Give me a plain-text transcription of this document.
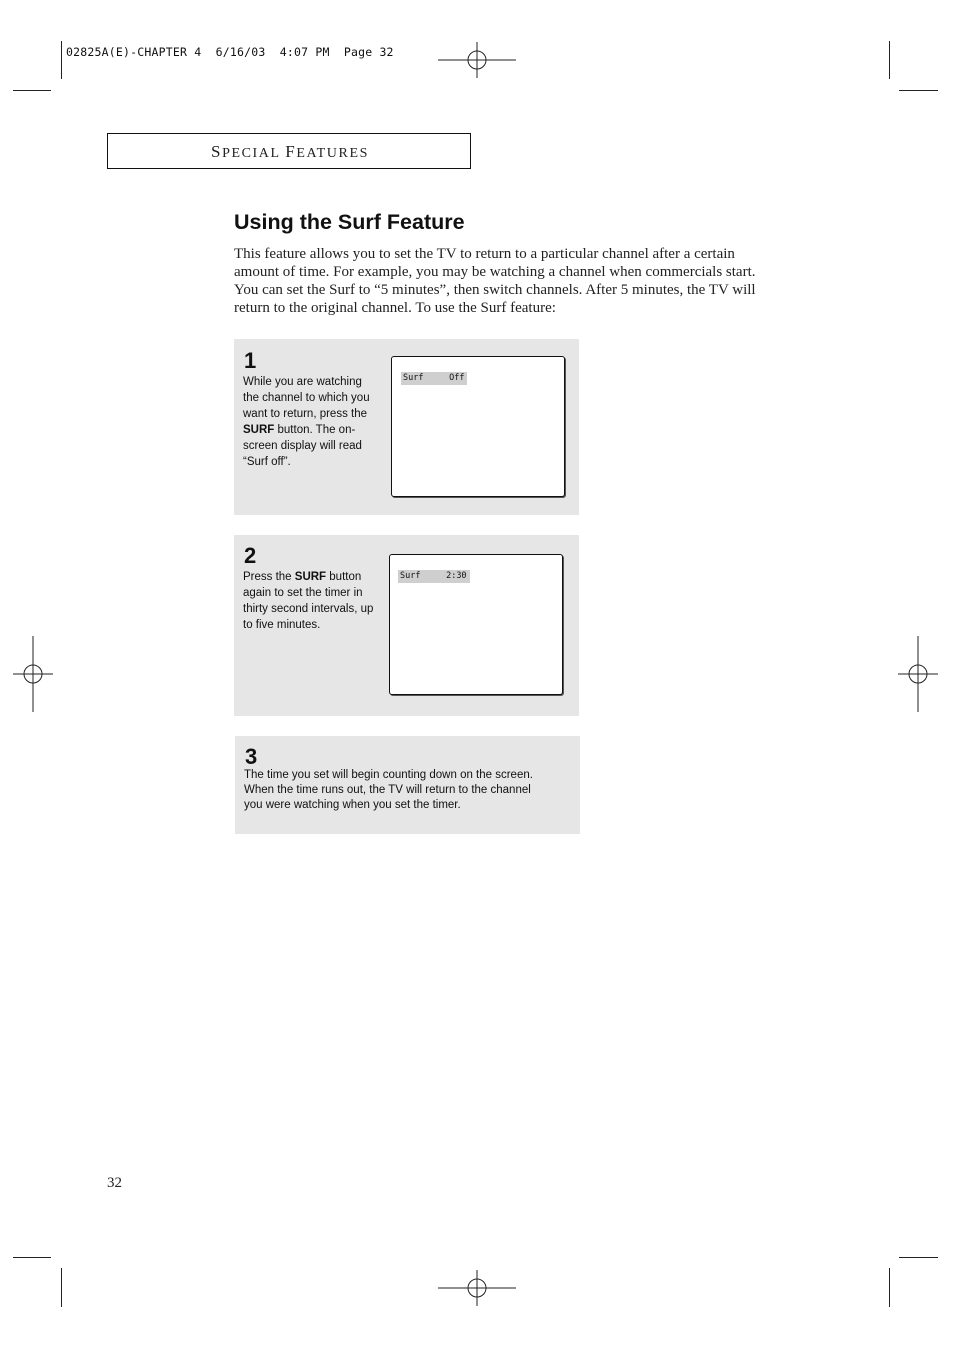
02825A(E)-CHAPTER 4  6/16/03  4:07 PM  Page 32
SPECIAL FEATURES
Using the Surf Feature
This feature allows you to set the TV to return to a particular channel after a certain amount of time. For example, you may be watching a channel when commercials start. You can set the Surf to “5 minutes”, then switch channels. After 5 minutes, the TV will return to the original channel. To use the Surf feature:
1
While you are watching the channel to which you want to return, press the SURF button. The on-screen display will read “Surf off”.
Surf	Off
2
Press the SURF button again to set the timer in thirty second intervals, up to five minutes.
Surf	2:30
3
The time you set will begin counting down on the screen. When the time runs out, the TV will return to the channel you were watching when you set the timer.
32
